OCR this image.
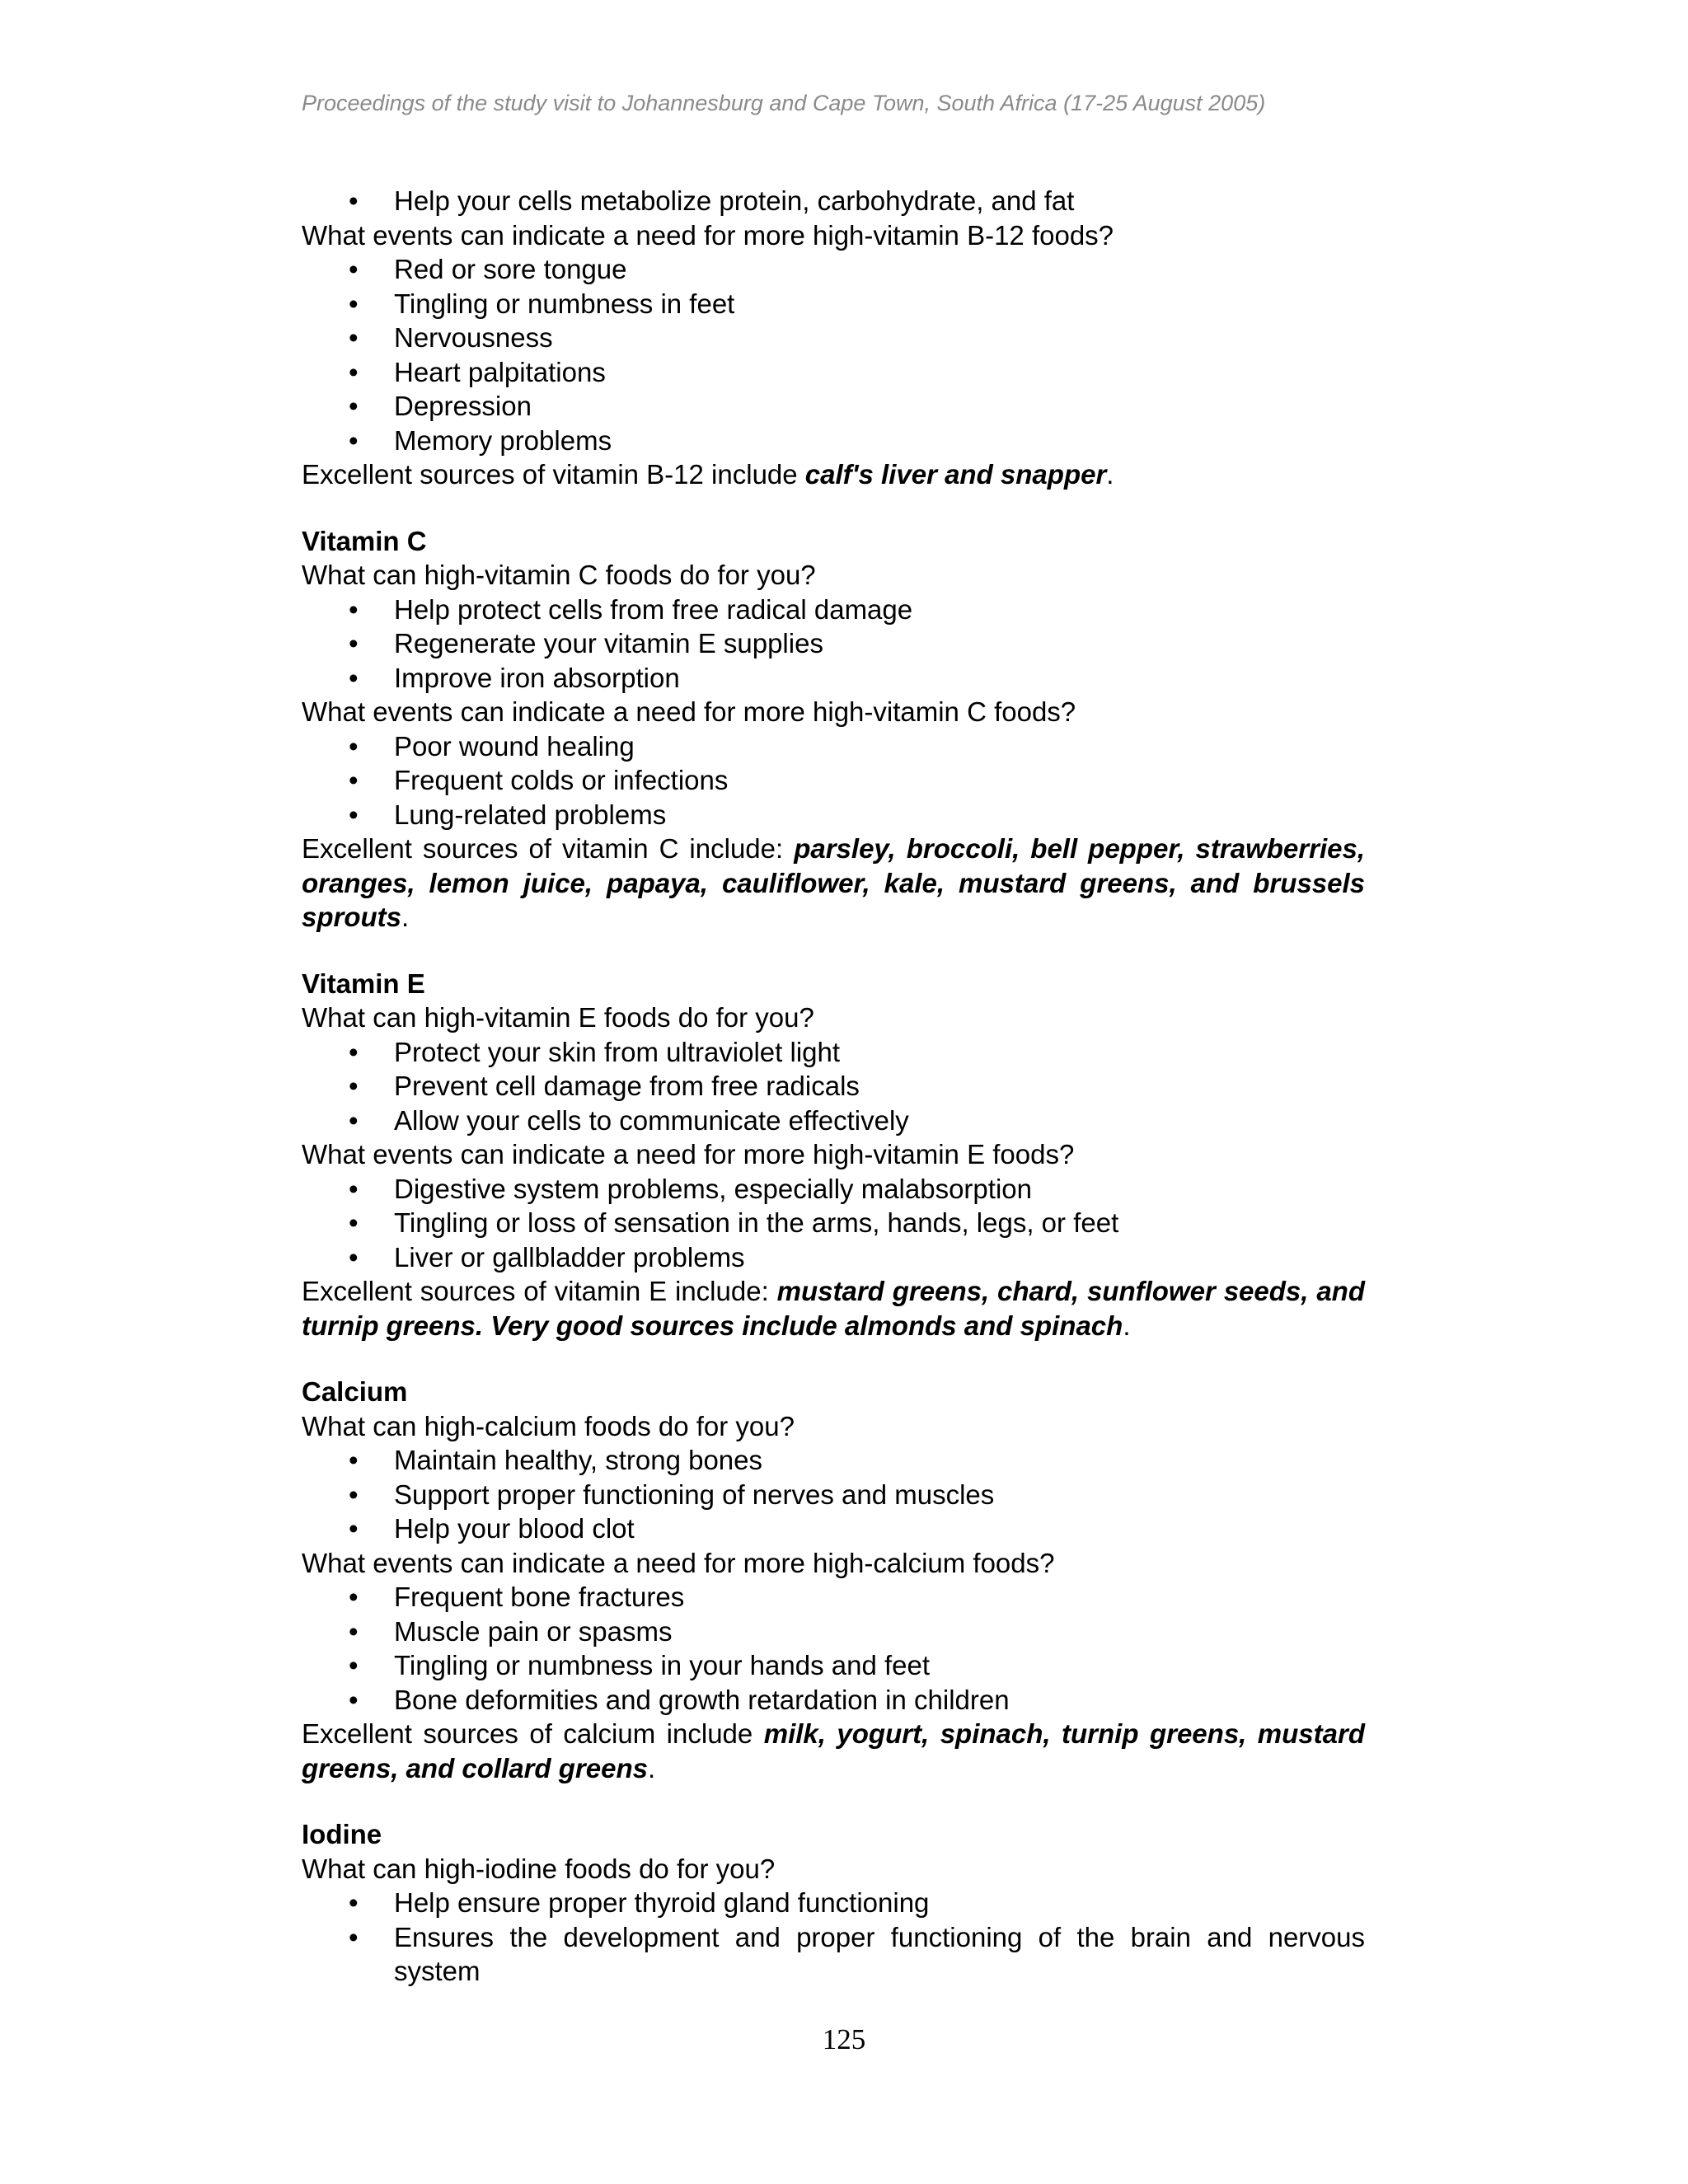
Proceedings of the study visit to Johannesburg and Cape Town, South Africa (17-25 August 2005)

• Help your cells metabolize protein, carbohydrate, and fat

What events can indicate a need for more high-vitamin B-12 foods?

• Red or sore tongue

• Tingling or numbness in feet

• Nervousness

• Heart palpitations

• Depression

• Memory problems

Excellent sources of vitamin B-12 include calf's liver and snapper.

Vitamin C

What can high-vitamin C foods do for you?

• Help protect cells from free radical damage

• Regenerate your vitamin E supplies

• Improve iron absorption

What events can indicate a need for more high-vitamin C foods?

• Poor wound healing

• Frequent colds or infections

• Lung-related problems

Excellent sources of vitamin C include: parsley, broccoli, bell pepper, strawberries, oranges, lemon juice, papaya, cauliflower, kale, mustard greens, and brussels sprouts.

Vitamin E

What can high-vitamin E foods do for you?

• Protect your skin from ultraviolet light

• Prevent cell damage from free radicals

• Allow your cells to communicate effectively

What events can indicate a need for more high-vitamin E foods?

• Digestive system problems, especially malabsorption

• Tingling or loss of sensation in the arms, hands, legs, or feet

• Liver or gallbladder problems

Excellent sources of vitamin E include: mustard greens, chard, sunflower seeds, and turnip greens. Very good sources include almonds and spinach.

Calcium

What can high-calcium foods do for you?

• Maintain healthy, strong bones

• Support proper functioning of nerves and muscles

• Help your blood clot

What events can indicate a need for more high-calcium foods?

• Frequent bone fractures

• Muscle pain or spasms

• Tingling or numbness in your hands and feet

• Bone deformities and growth retardation in children

Excellent sources of calcium include milk, yogurt, spinach, turnip greens, mustard greens, and collard greens.

Iodine

What can high-iodine foods do for you?

• Help ensure proper thyroid gland functioning

• Ensures the development and proper functioning of the brain and nervous system

125
